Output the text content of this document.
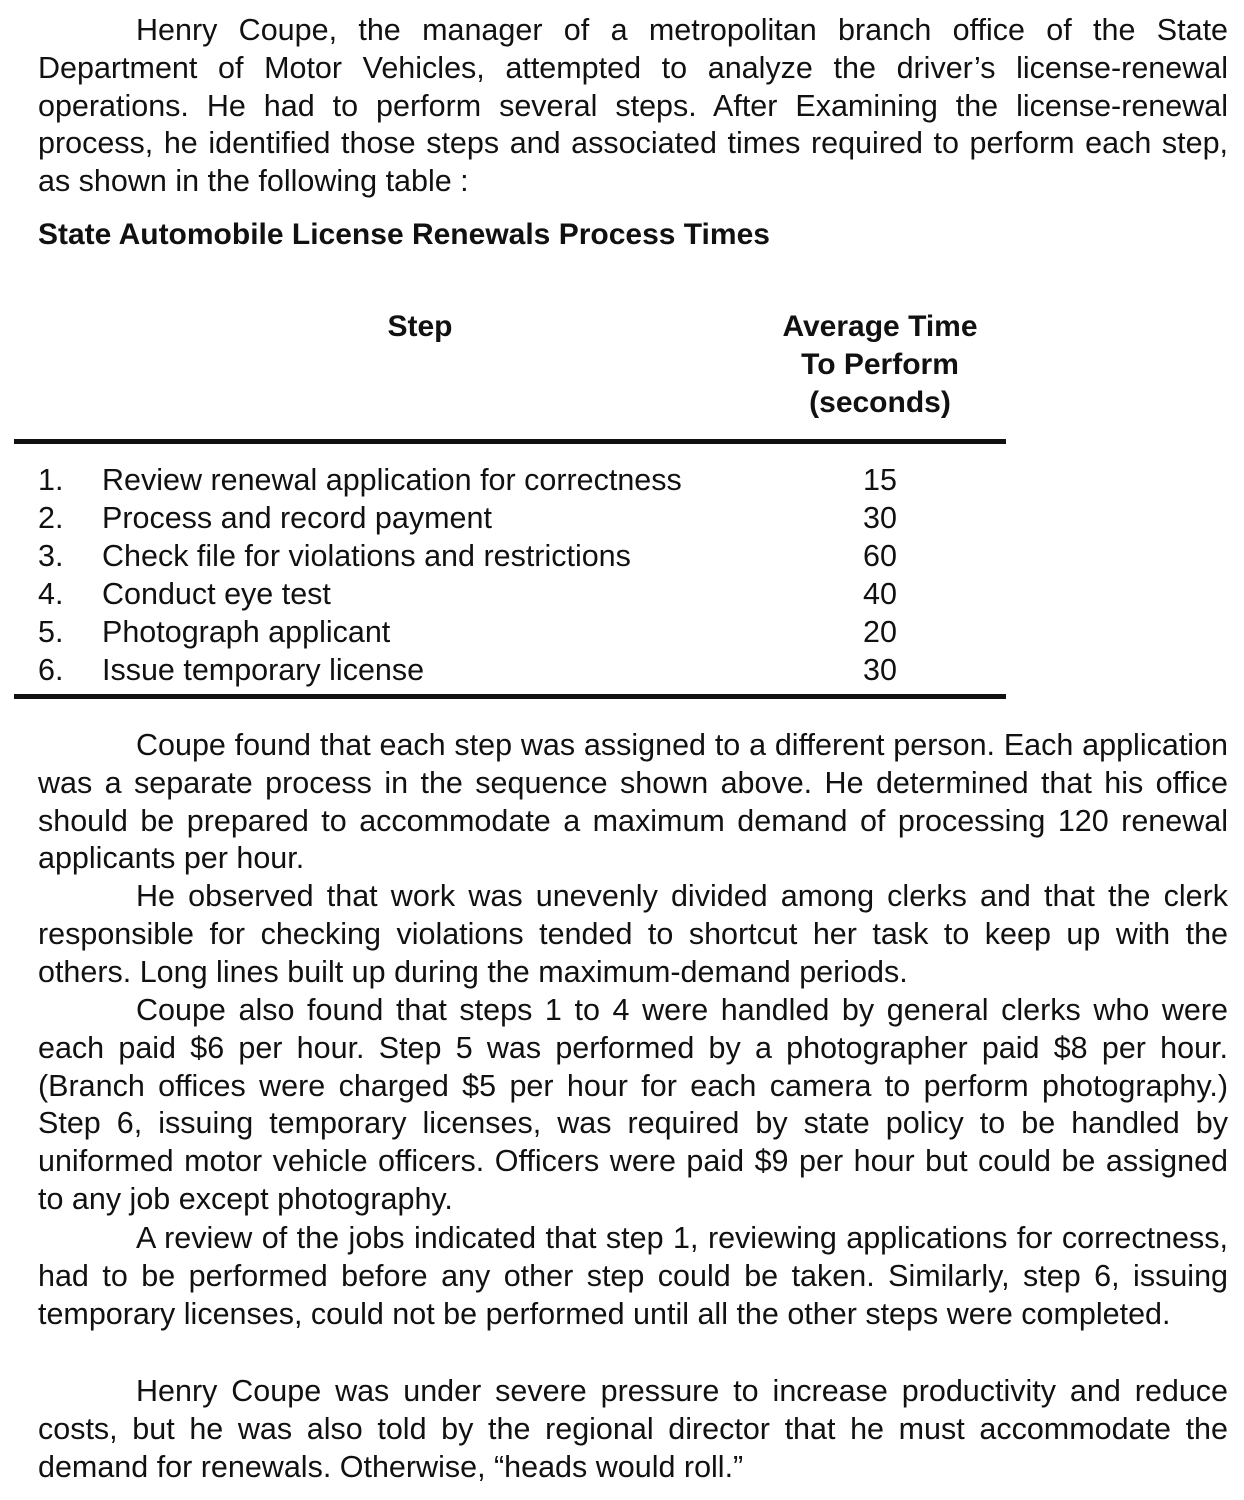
Henry Coupe, the manager of a metropolitan branch office of the State Department of Motor Vehicles, attempted to analyze the driver’s license-renewal operations. He had to perform several steps. After Examining the license-renewal process, he identified those steps and associated times required to perform each step, as shown in the following table :

State Automobile License Renewals Process Times

Step	Average Time
To Perform
(seconds)
1.	Review renewal application for correctness	15
2.	Process and record payment	30
3.	Check file for violations and restrictions	60
4.	Conduct eye test	40
5.	Photograph applicant	20
6.	Issue temporary license	30

Coupe found that each step was assigned to a different person. Each application was a separate process in the sequence shown above. He determined that his office should be prepared to accommodate a maximum demand of processing 120 renewal applicants per hour.

He observed that work was unevenly divided among clerks and that the clerk responsible for checking violations tended to shortcut her task to keep up with the others. Long lines built up during the maximum-demand periods.

Coupe also found that steps 1 to 4 were handled by general clerks who were each paid $6 per hour. Step 5 was performed by a photographer paid $8 per hour. (Branch offices were charged $5 per hour for each camera to perform photography.) Step 6, issuing temporary licenses, was required by state policy to be handled by uniformed motor vehicle officers. Officers were paid $9 per hour but could be assigned to any job except photography.

A review of the jobs indicated that step 1, reviewing applications for correctness, had to be performed before any other step could be taken. Similarly, step 6, issuing temporary licenses, could not be performed until all the other steps were completed.

Henry Coupe was under severe pressure to increase productivity and reduce costs, but he was also told by the regional director that he must accommodate the demand for renewals. Otherwise, “heads would roll.”
